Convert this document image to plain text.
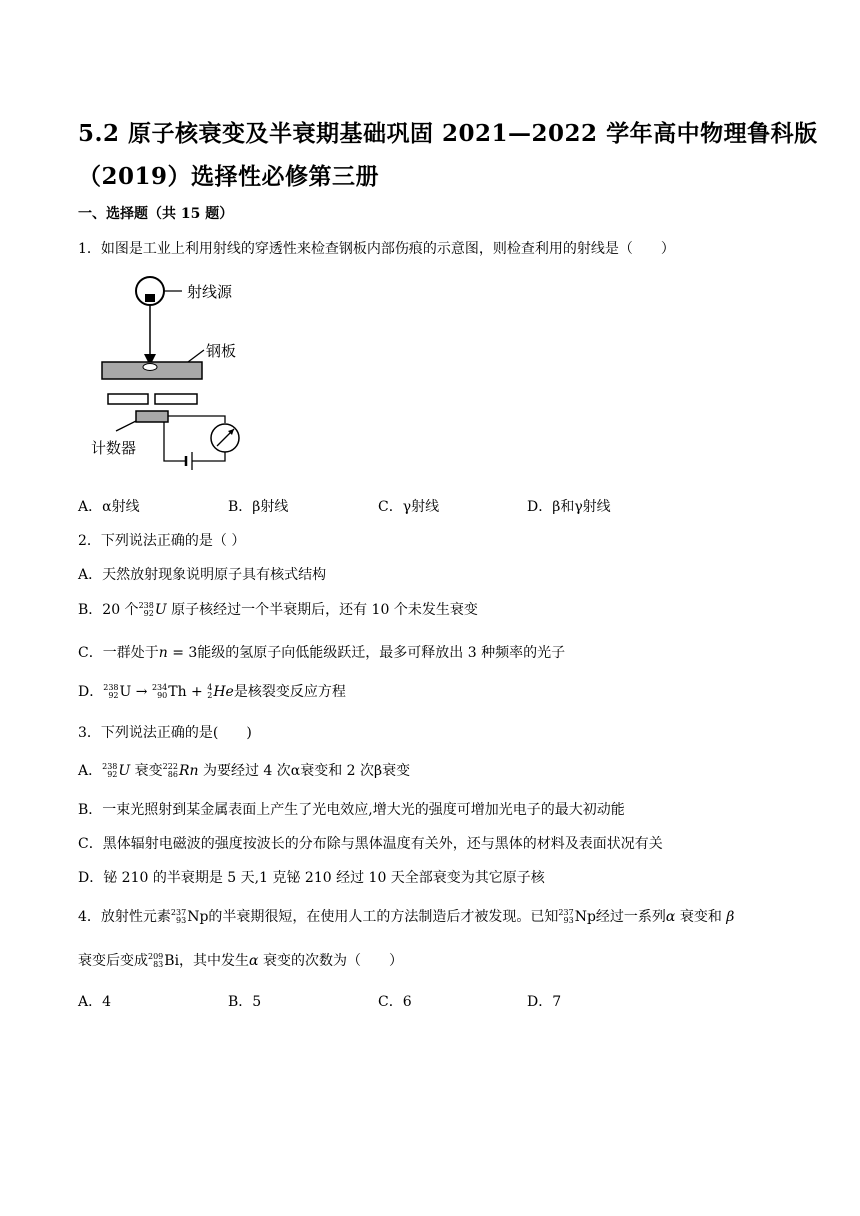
5.2 原子核衰变及半衰期基础巩固 2021—2022 学年高中物理鲁科版
（2019）选择性必修第三册
一、选择题（共 15 题）
1．如图是工业上利用射线的穿透性来检查钢板内部伤痕的示意图，则检查利用的射线是（　　）
射线源
钢板
计数器
A．α射线	B．β射线	C．γ射线	D．β和γ射线
2．下列说法正确的是（ ）
A．天然放射现象说明原子具有核式结构
B．20 个 238
92 U 原子核经过一个半衰期后，还有 10 个未发生衰变
C．一群处于n = 3能级的氢原子向低能级跃迁，最多可释放出 3 种频率的光子
D． 238
92 U → 234
90 Th + 4
2 He是核裂变反应方程
3．下列说法正确的是(　　)
A． 238
92 U 衰变 222
86 Rn 为要经过 4 次α衰变和 2 次β衰变
B．一束光照射到某金属表面上产生了光电效应,增大光的强度可增加光电子的最大初动能
C．黑体辐射电磁波的强度按波长的分布除与黑体温度有关外，还与黑体的材料及表面状况有关
D．铋 210 的半衰期是 5 天,1 克铋 210 经过 10 天全部衰变为其它原子核
4．放射性元素 237
93 Np的半衰期很短，在使用人工的方法制造后才被发现。已知 237
93 Np经过一系列α 衰变和 β
衰变后变成 209
83 Bi，其中发生α 衰变的次数为（　　）
A．4	B．5	C．6	D．7
